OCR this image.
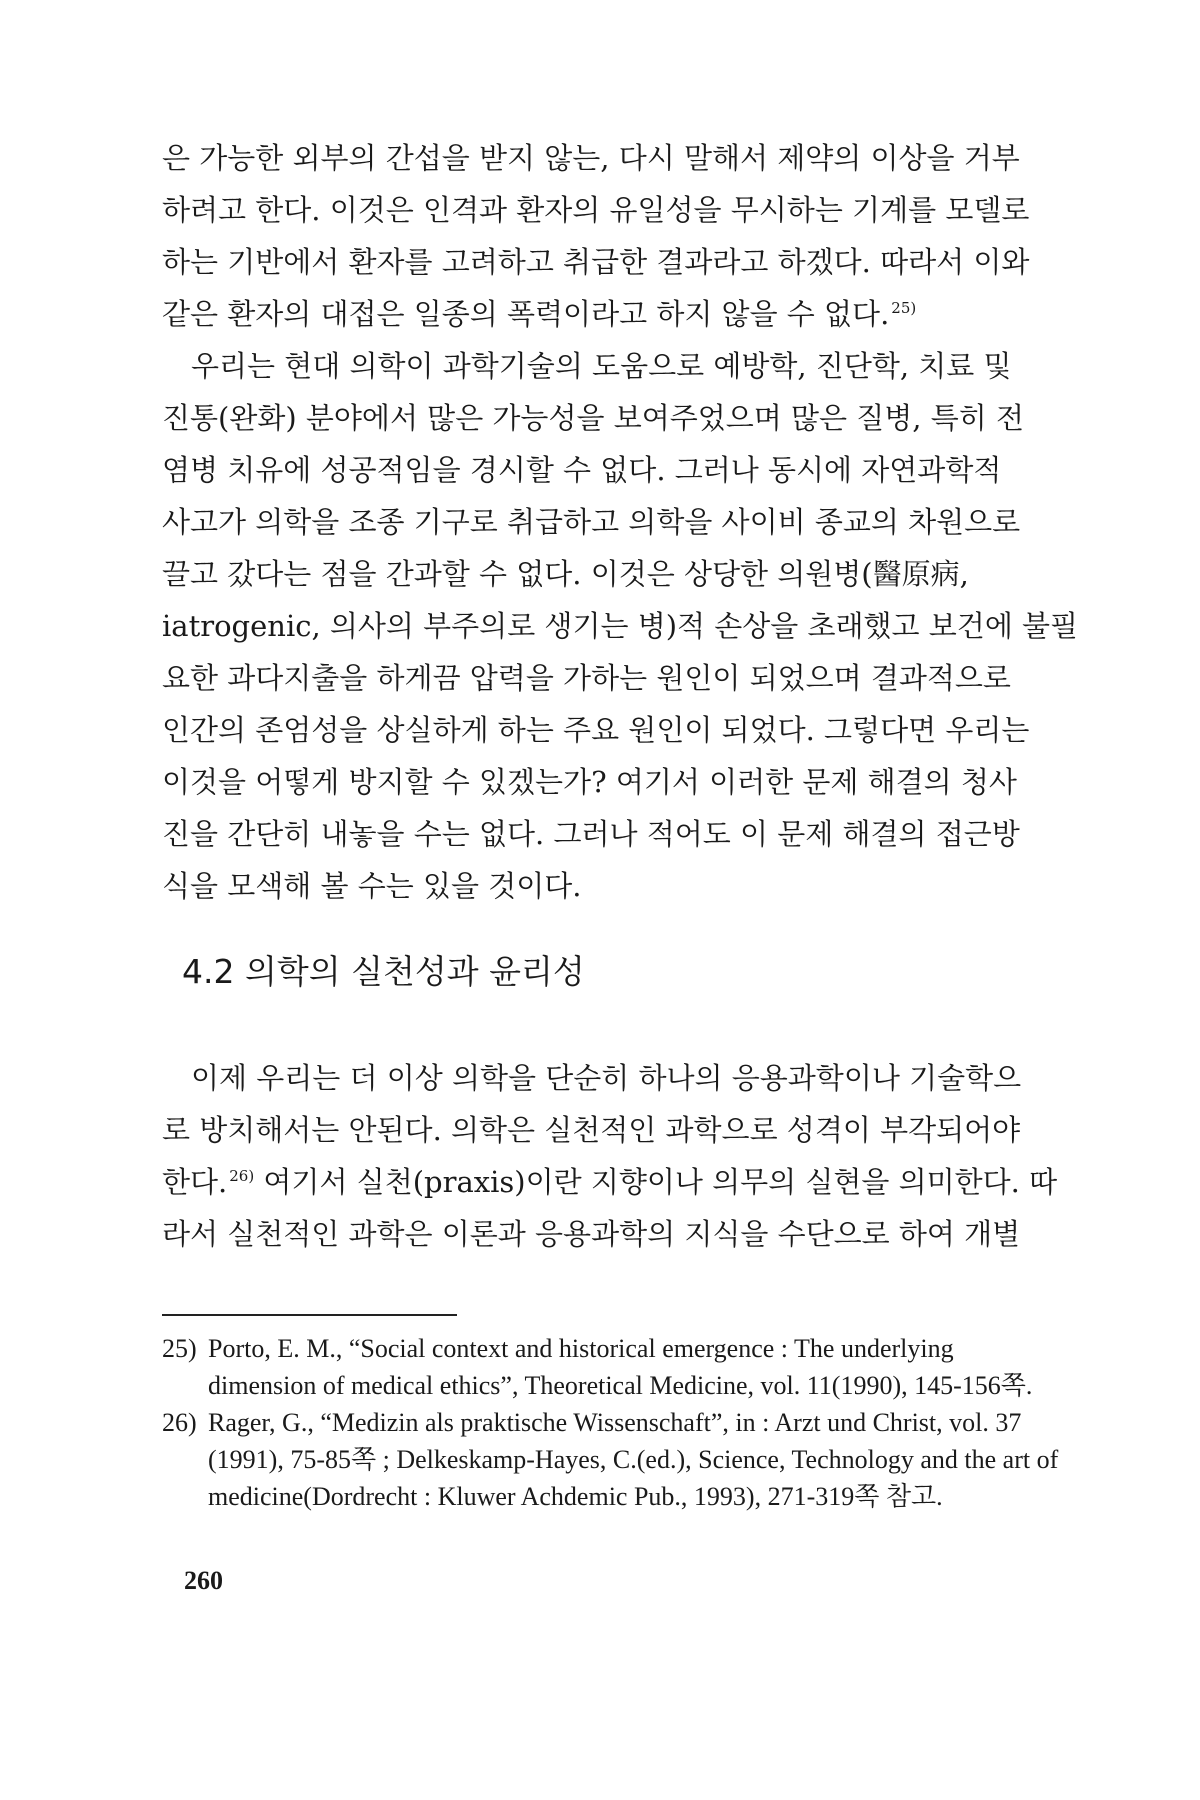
은 가능한 외부의 간섭을 받지 않는, 다시 말해서 제약의 이상을 거부
하려고 한다. 이것은 인격과 환자의 유일성을 무시하는 기계를 모델로
하는 기반에서 환자를 고려하고 취급한 결과라고 하겠다. 따라서 이와
같은 환자의 대접은 일종의 폭력이라고 하지 않을 수 없다. $^{25)}$
우리는 현대 의학이 과학기술의 도움으로 예방학, 진단학, 치료 및
진통(완화) 분야에서 많은 가능성을 보여주었으며 많은 질병, 특히 전
염병 치유에 성공적임을 경시할 수 없다. 그러나 동시에 자연과학적
사고가 의학을 조종 기구로 취급하고 의학을 사이비 종교의 차원으로
끌고 갔다는 점을 간과할 수 없다. 이것은 상당한 의원병(醫原病,
iatrogenic, 의사의 부주의로 생기는 병)적 손상을 초래했고 보건에 불필
요한 과다지출을 하게끔 압력을 가하는 원인이 되었으며 결과적으로
인간의 존엄성을 상실하게 하는 주요 원인이 되었다. 그렇다면 우리는
이것을 어떻게 방지할 수 있겠는가? 여기서 이러한 문제 해결의 청사
진을 간단히 내놓을 수는 없다. 그러나 적어도 이 문제 해결의 접근방
식을 모색해 볼 수는 있을 것이다.
4.2 의학의 실천성과 윤리성
이제 우리는 더 이상 의학을 단순히 하나의 응용과학이나 기술학으
로 방치해서는 안된다. 의학은 실천적인 과학으로 성격이 부각되어야
한다. $^{26)}$ 여기서 실천(praxis)이란 지향이나 의무의 실현을 의미한다. 따
라서 실천적인 과학은 이론과 응용과학의 지식을 수단으로 하여 개별
25) Porto, E. M., “Social context and historical emergence : The underlying
dimension of medical ethics”, Theoretical Medicine, vol. 11(1990), 145-156쪽.
26) Rager, G., “Medizin als praktische Wissenschaft”, in : Arzt und Christ, vol. 37
(1991), 75-85쪽 ; Delkeskamp-Hayes, C.(ed.), Science, Technology and the art of
medicine(Dordrecht : Kluwer Achdemic Pub., 1993), 271-319쪽 참고.
260
